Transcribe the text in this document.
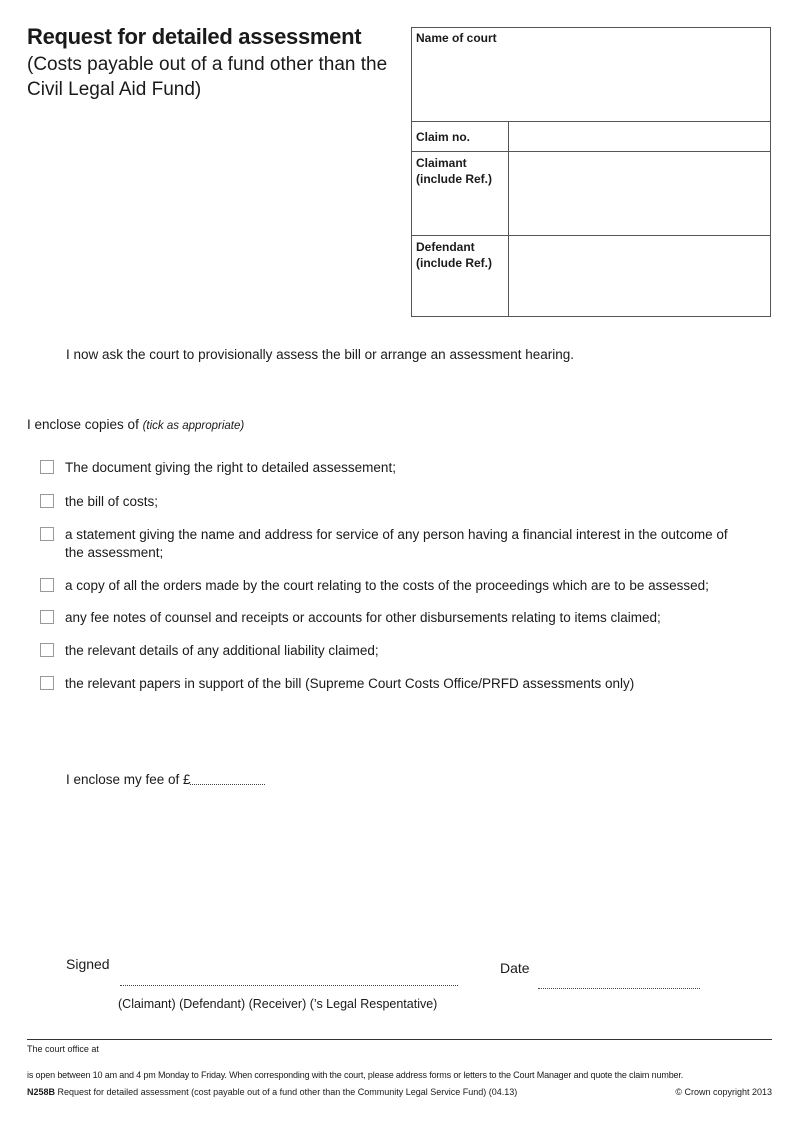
Request for detailed assessment
(Costs payable out of a fund other than the Civil Legal Aid Fund)
Name of court
Claim no.
Claimant
(include Ref.)
Defendant
(include Ref.)
I now ask the court to provisionally assess the bill or arrange an assessment hearing.
I enclose copies of (tick as appropriate)
The document giving the right to detailed assessement;
the bill of costs;
a statement giving the name and address for service of any person having a financial interest in the outcome of the assessment;
a copy of all the orders made by the court relating to the costs of the proceedings which are to be assessed;
any fee notes of counsel and receipts or accounts for other disbursements relating to items claimed;
the relevant details of any additional liability claimed;
the relevant papers in support of the bill (Supreme Court Costs Office/PRFD assessments only)
I enclose my fee of £
Signed
(Claimant) (Defendant) (Receiver) (’s Legal Respentative)
Date
The court office at
is open between 10 am and 4 pm Monday to Friday. When corresponding with the court, please address forms or letters to the Court Manager and quote the claim number.
N258B Request for detailed assessment (cost payable out of a fund other than the Community Legal Service Fund) (04.13)	© Crown copyright 2013
